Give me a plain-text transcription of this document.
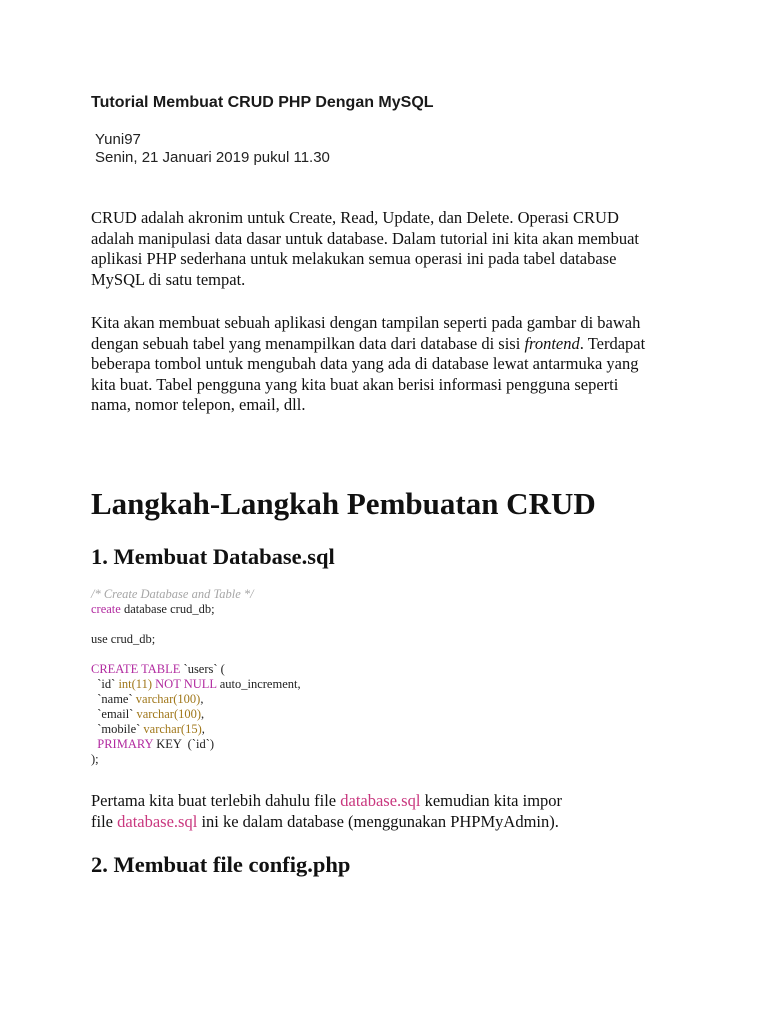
Tutorial Membuat CRUD PHP Dengan MySQL
Yuni97
Senin, 21 Januari 2019 pukul 11.30

CRUD adalah akronim untuk Create, Read, Update, dan Delete. Operasi CRUD
adalah manipulasi data dasar untuk database. Dalam tutorial ini kita akan membuat
aplikasi PHP sederhana untuk melakukan semua operasi ini pada tabel database
MySQL di satu tempat.

Kita akan membuat sebuah aplikasi dengan tampilan seperti pada gambar di bawah
dengan sebuah tabel yang menampilkan data dari database di sisi frontend. Terdapat
beberapa tombol untuk mengubah data yang ada di database lewat antarmuka yang
kita buat. Tabel pengguna yang kita buat akan berisi informasi pengguna seperti
nama, nomor telepon, email, dll.

Langkah-Langkah Pembuatan CRUD
1. Membuat Database.sql
/* Create Database and Table */
create database crud_db;
use crud_db;
CREATE TABLE `users` (
`id` int(11) NOT NULL auto_increment,
`name` varchar(100),
`email` varchar(100),
`mobile` varchar(15),
PRIMARY KEY  (`id`)
);

Pertama kita buat terlebih dahulu file database.sql kemudian kita impor
file database.sql ini ke dalam database (menggunakan PHPMyAdmin).

2. Membuat file config.php
